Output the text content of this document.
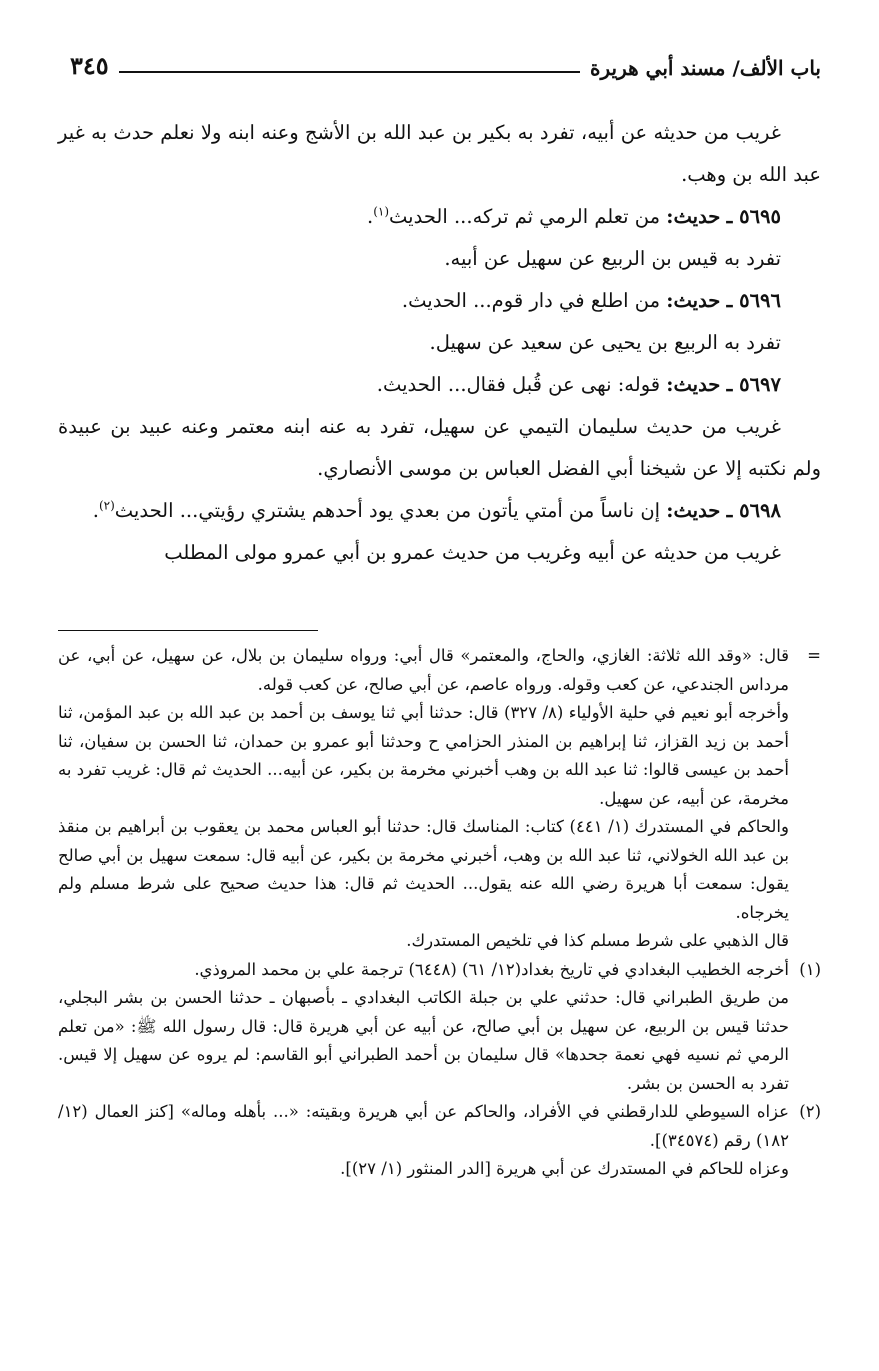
باب الألف/ مسند أبي هريرة
٣٤٥

غريب من حديثه عن أبيه، تفرد به بكير بن عبد الله بن الأشج وعنه ابنه ولا نعلم حدث به غير عبد الله بن وهب.

٥٦٩٥ ـ حديث: من تعلم الرمي ثم تركه... الحديث$^{(١)}$.

تفرد به قيس بن الربيع عن سهيل عن أبيه.

٥٦٩٦ ـ حديث: من اطلع في دار قوم... الحديث.

تفرد به الربيع بن يحيى عن سعيد عن سهيل.

٥٦٩٧ ـ حديث: قوله: نهى عن قُبل فقال... الحديث.

غريب من حديث سليمان التيمي عن سهيل، تفرد به عنه ابنه معتمر وعنه عبيد بن عبيدة ولم نكتبه إلا عن شيخنا أبي الفضل العباس بن موسى الأنصاري.

٥٦٩٨ ـ حديث: إن ناساً من أمتي يأتون من بعدي يود أحدهم يشتري رؤيتي... الحديث$^{(٢)}$.

غريب من حديثه عن أبيه وغريب من حديث عمرو بن أبي عمرو مولى المطلب

=
قال: «وقد الله ثلاثة: الغازي، والحاج، والمعتمر» قال أبي: ورواه سليمان بن بلال، عن سهيل، عن أبي، عن مرداس الجندعي، عن كعب وقوله. ورواه عاصم، عن أبي صالح، عن كعب قوله.

وأخرجه أبو نعيم في حلية الأولياء (٨/ ٣٢٧) قال: حدثنا أبي ثنا يوسف بن أحمد بن عبد الله بن عبد المؤمن، ثنا أحمد بن زيد القزاز، ثنا إبراهيم بن المنذر الحزامي ح وحدثنا أبو عمرو بن حمدان، ثنا الحسن بن سفيان، ثنا أحمد بن عيسى قالوا: ثنا عبد الله بن وهب أخبرني مخرمة بن بكير، عن أبيه... الحديث ثم قال: غريب تفرد به مخرمة، عن أبيه، عن سهيل.

والحاكم في المستدرك (١/ ٤٤١) كتاب: المناسك قال: حدثنا أبو العباس محمد بن يعقوب بن أبراهيم بن منقذ بن عبد الله الخولاني، ثنا عبد الله بن وهب، أخبرني مخرمة بن بكير، عن أبيه قال: سمعت سهيل بن أبي صالح يقول: سمعت أبا هريرة رضي الله عنه يقول... الحديث ثم قال: هذا حديث صحيح على شرط مسلم ولم يخرجاه.

قال الذهبي على شرط مسلم كذا في تلخيص المستدرك.

(١)
أخرجه الخطيب البغدادي في تاريخ بغداد(١٢/ ٦١) (٦٤٤٨) ترجمة علي بن محمد المروذي.

من طريق الطبراني قال: حدثني علي بن جبلة الكاتب البغدادي ـ بأصبهان ـ حدثنا الحسن بن بشر البجلي، حدثنا قيس بن الربيع، عن سهيل بن أبي صالح، عن أبيه عن أبي هريرة قال: قال رسول الله ﷺ: «من تعلم الرمي ثم نسيه فهي نعمة جحدها» قال سليمان بن أحمد الطبراني أبو القاسم: لم يروه عن سهيل إلا قيس. تفرد به الحسن بن بشر.

(٢)
عزاه السيوطي للدارقطني في الأفراد، والحاكم عن أبي هريرة وبقيته: «... بأهله وماله» [كنز العمال (١٢/ ١٨٢) رقم (٣٤٥٧٤)].

وعزاه للحاكم في المستدرك عن أبي هريرة [الدر المنثور (١/ ٢٧)].
